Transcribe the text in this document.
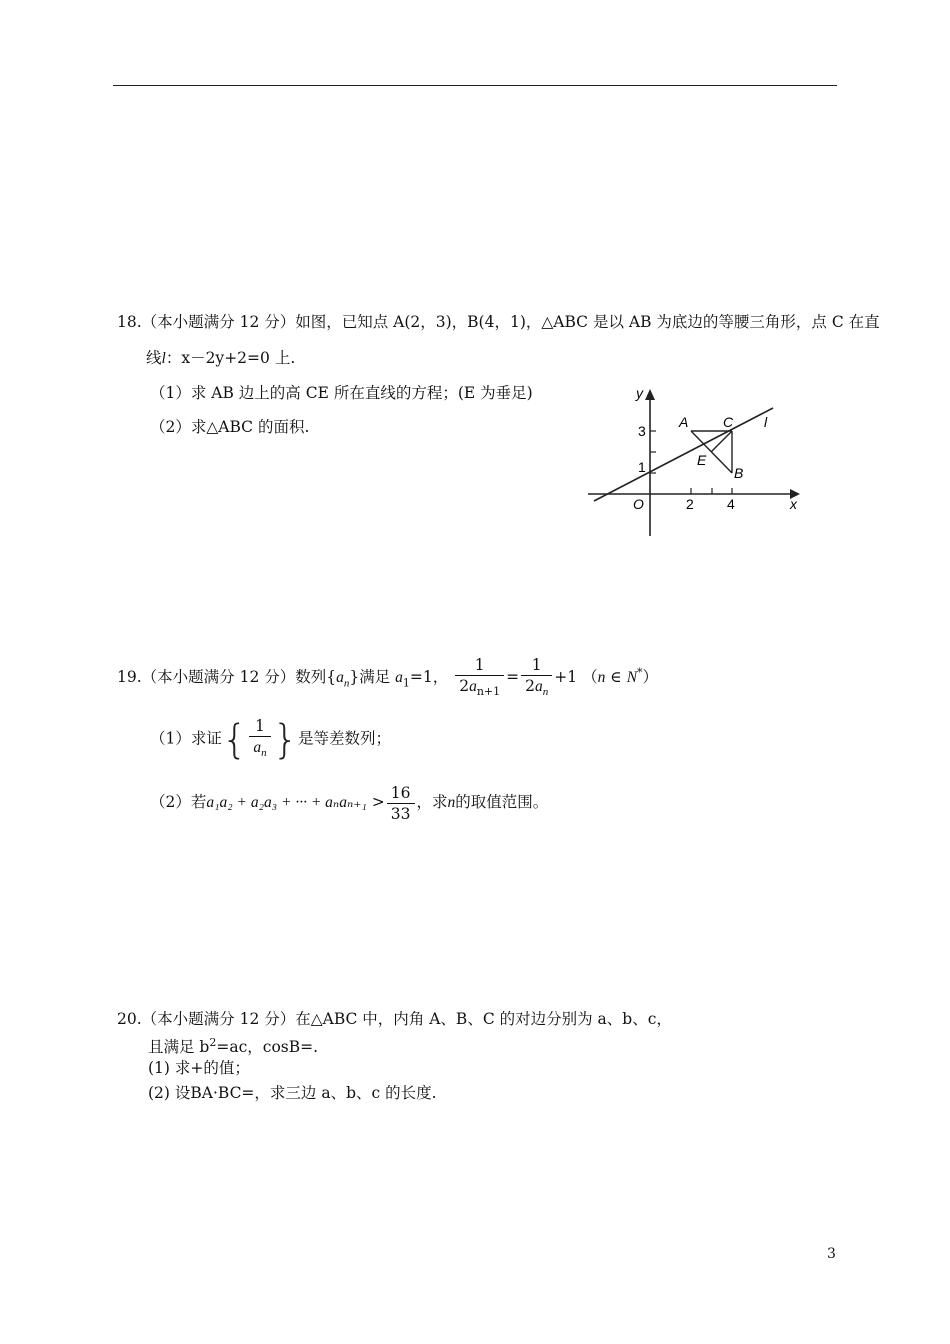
18.（本小题满分 12 分）如图，已知点 A(2，3)，B(4，1)，△ABC 是以 AB 为底边的等腰三角形，点 C 在直
线l：x－2y+2=0 上.
（1）求 AB 边上的高 CE 所在直线的方程；(E 为垂足)
（2）求△ABC 的面积.
y
x
O	2 4
1
3
A C
E
B
l
19.（本小题满分 12 分）数列$\{a_n\}$满足 $a_1=1$， $\frac{1}{2a_{n+1}} = \frac{1}{2a_n} +1$ （n ∈ N*）
（1）求证{ $\frac{1}{a_n}$ }是等差数列；
（2）若a₁a₂ + a₂a₃ + ··· + $a_na_{n+1} > \frac{16}{33}$ ，求n的取值范围。
20.（本小题满分 12 分）在△ABC 中，内角 A、B、C 的对边分别为 a、b、c，
且满足 $b^2=ac$，cosB=.
(1) 求+的值；
(2) 设BA·BC=，求三边 a、b、c 的长度.
3
